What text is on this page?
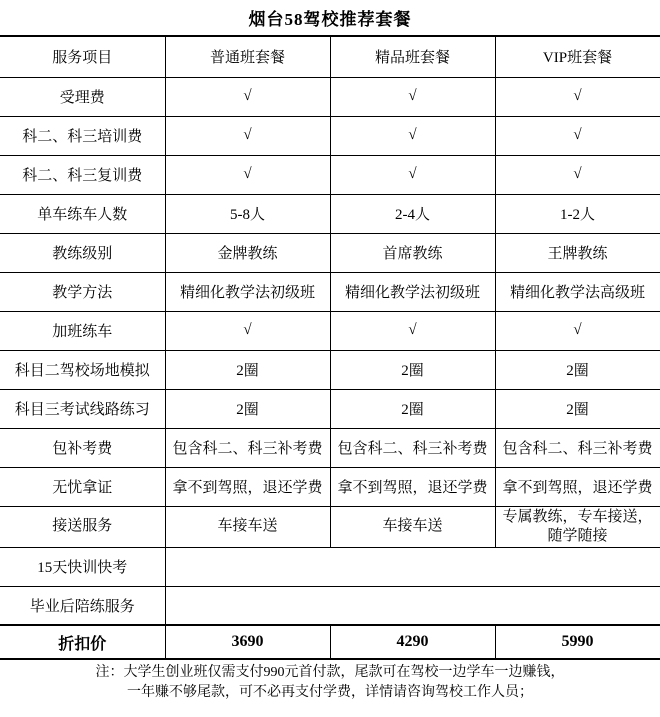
烟台58驾校推荐套餐
服务项目	普通班套餐	精品班套餐	VIP班套餐
受理费	√	√	√
科二、科三培训费	√	√	√
科二、科三复训费	√	√	√
单车练车人数	5-8人	2-4人	1-2人
教练级别	金牌教练	首席教练	王牌教练
教学方法	精细化教学法初级班	精细化教学法初级班	精细化教学法高级班
加班练车	√	√	√
科目二驾校场地模拟	2圈	2圈	2圈
科目三考试线路练习	2圈	2圈	2圈
包补考费	包含科二、科三补考费	包含科二、科三补考费	包含科二、科三补考费
无忧拿证	拿不到驾照，退还学费	拿不到驾照，退还学费	拿不到驾照，退还学费
接送服务	车接车送	车接车送	专属教练，专车接送，随学随接
15天快训快考			
毕业后陪练服务			
折扣价	3690	4290	5990
注：大学生创业班仅需支付990元首付款，尾款可在驾校一边学车一边赚钱，
一年赚不够尾款，可不必再支付学费，详情请咨询驾校工作人员；
